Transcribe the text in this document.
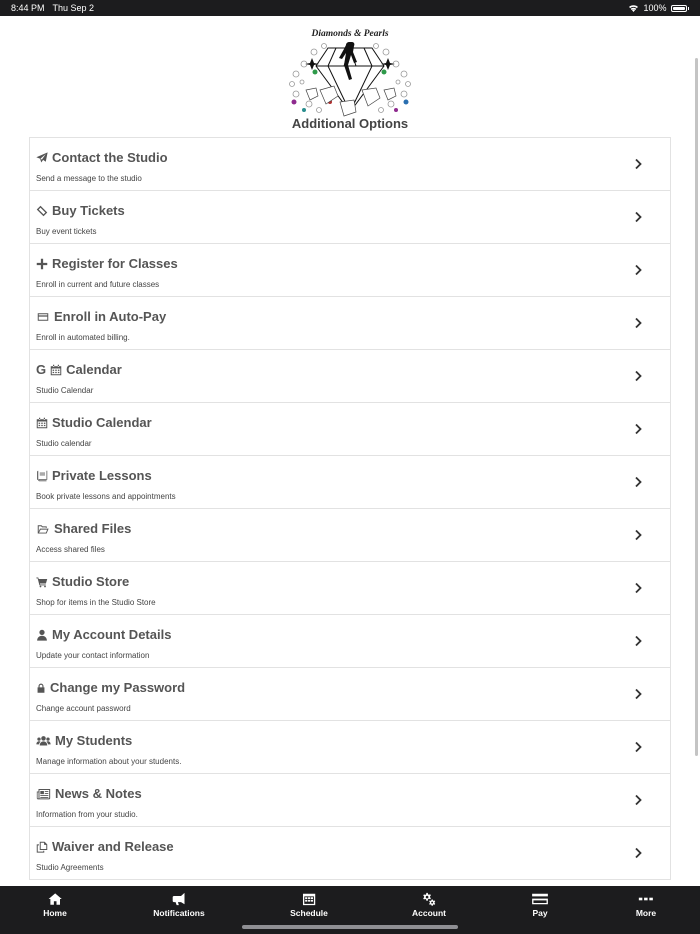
8:44 PM Thu Sep 2	100%
Diamonds & Pearls
Additional Options
Contact the Studio
Send a message to the studio
Buy Tickets
Buy event tickets
Register for Classes
Enroll in current and future classes
Enroll in Auto-Pay
Enroll in automated billing.
G Calendar
Studio Calendar
Studio Calendar
Studio calendar
Private Lessons
Book private lessons and appointments
Shared Files
Access shared files
Studio Store
Shop for items in the Studio Store
My Account Details
Update your contact information
Change my Password
Change account password
My Students
Manage information about your students.
News & Notes
Information from your studio.
Waiver and Release
Studio Agreements
Home	Notifications	Schedule	Account	Pay	More
